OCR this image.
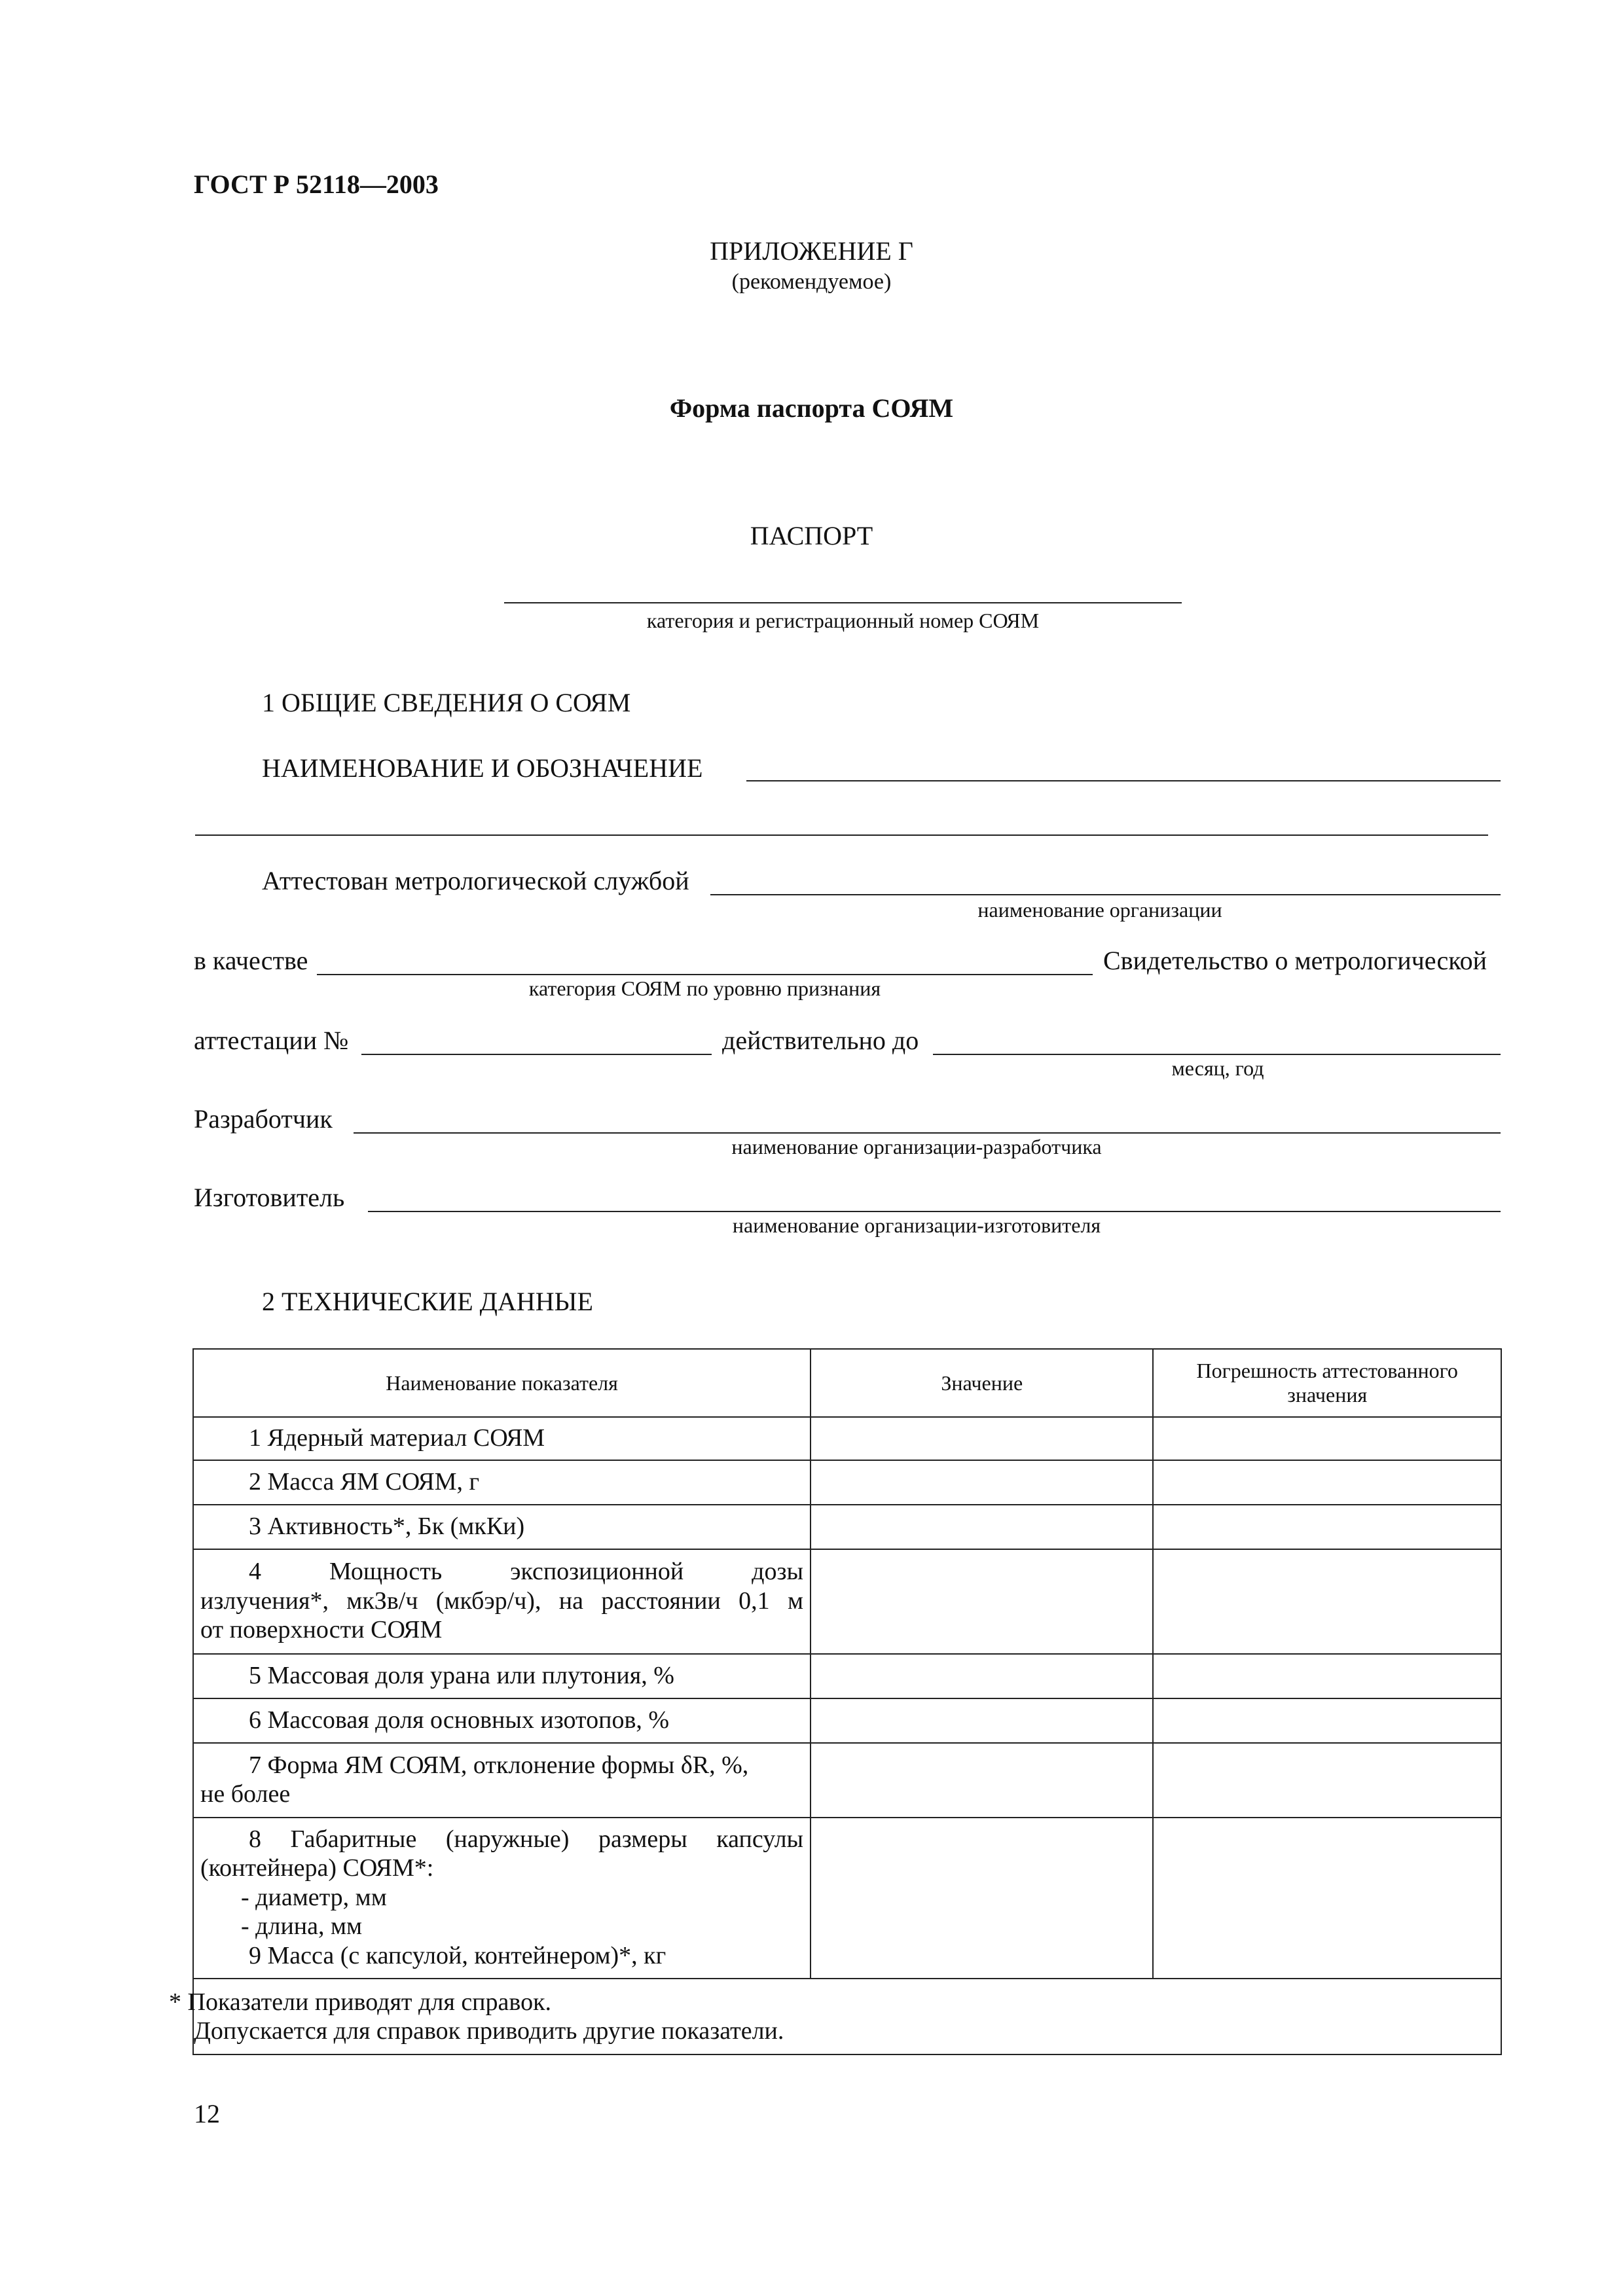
ГОСТ Р 52118—2003
ПРИЛОЖЕНИЕ Г
(рекомендуемое)
Форма паспорта СОЯМ
ПАСПОРТ
категория и регистрационный номер СОЯМ
1 ОБЩИЕ СВЕДЕНИЯ О СОЯМ
НАИМЕНОВАНИЕ И ОБОЗНАЧЕНИЕ
Аттестован метрологической службой
наименование организации
в качестве	Свидетельство о метрологической
категория СОЯМ по уровню признания
аттестации №	действительно до
месяц, год
Разработчик
наименование организации-разработчика
Изготовитель
наименование организации-изготовителя
2 ТЕХНИЧЕСКИЕ ДАННЫЕ
Наименование показателя	Значение	Погрешность аттестованного значения
1 Ядерный материал СОЯМ		
2 Масса ЯМ СОЯМ, г		
3 Активность*, Бк (мкКи)		

4 Мощность экспозиционной дозы
излучения*, мкЗв/ч (мкбэр/ч), на расстоянии 0,1 м
от поверхности СОЯМ		

5 Массовая доля урана или плутония, %		
6 Массовая доля основных изотопов, %		

7 Форма ЯМ СОЯМ, отклонение формы δR, %,
не более		

8 Габаритные (наружные) размеры капсулы
(контейнера) СОЯМ*:
- диаметр, мм
- длина, мм
9 Масса (с капсулой, контейнером)*, кг		

* Показатели приводят для справок.
Допускается для справок приводить другие показатели.		
12
